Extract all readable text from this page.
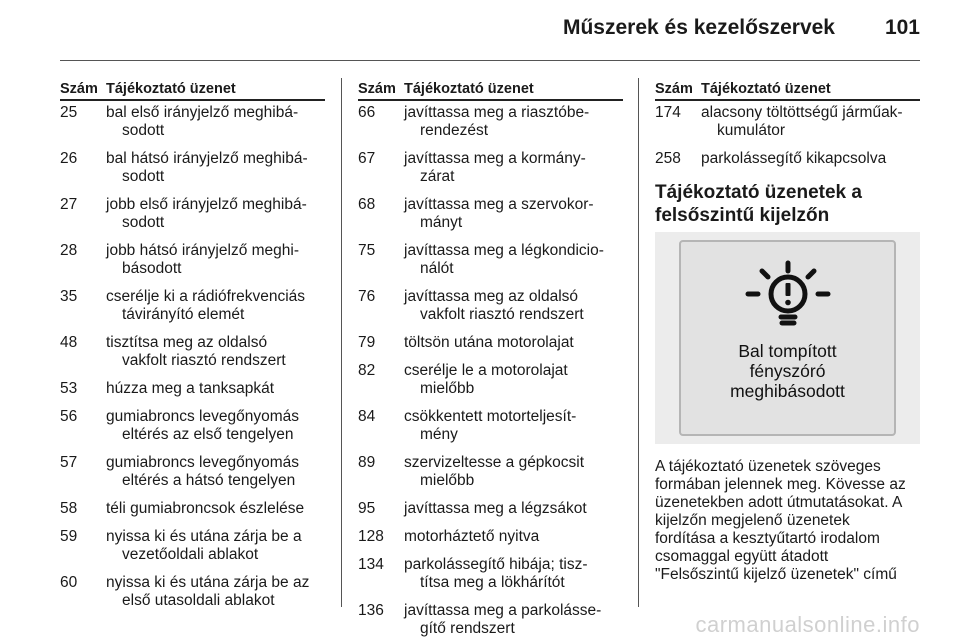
Műszerek és kezelőszervek 101
Szám Tájékoztató üzenet
25	bal első irányjelző meghibá-
sodott
26	bal hátsó irányjelző meghibá-
sodott
27	jobb első irányjelző meghibá-
sodott
28	jobb hátsó irányjelző meghi-
básodott
35	cserélje ki a rádiófrekvenciás
távirányító elemét
48	tisztítsa meg az oldalsó
vakfolt riasztó rendszert
53	húzza meg a tanksapkát
56	gumiabroncs levegőnyomás
eltérés az első tengelyen
57	gumiabroncs levegőnyomás
eltérés a hátsó tengelyen
58	téli gumiabroncsok észlelése
59	nyissa ki és utána zárja be a
vezetőoldali ablakot
60	nyissa ki és utána zárja be az
első utasoldali ablakot
Szám Tájékoztató üzenet
66	javíttassa meg a riasztóbe-
rendezést
67	javíttassa meg a kormány-
zárat
68	javíttassa meg a szervokor-
mányt
75	javíttassa meg a légkondicio-
nálót
76	javíttassa meg az oldalsó
vakfolt riasztó rendszert
79	töltsön utána motorolajat
82	cserélje le a motorolajat
mielőbb
84	csökkentett motorteljesít-
mény
89	szervizeltesse a gépkocsit
mielőbb
95	javíttassa meg a légzsákot
128	motorháztető nyitva
134	parkolássegítő hibája; tisz-
títsa meg a lökhárítót
136	javíttassa meg a parkolásse-
gítő rendszert
Szám Tájékoztató üzenet
174	alacsony töltöttségű járműak-
kumulátor
258	parkolássegítő kikapcsolva
Tájékoztató üzenetek a
felsőszintű kijelzőn
Bal tompított
fényszóró
meghibásodott
A tájékoztató üzenetek szöveges
formában jelennek meg. Kövesse az
üzenetekben adott útmutatásokat. A
kijelzőn megjelenő üzenetek
fordítása a kesztyűtartó irodalom
csomaggal együtt átadott
"Felsőszintű kijelző üzenetek" című
carmanualsonline.info
